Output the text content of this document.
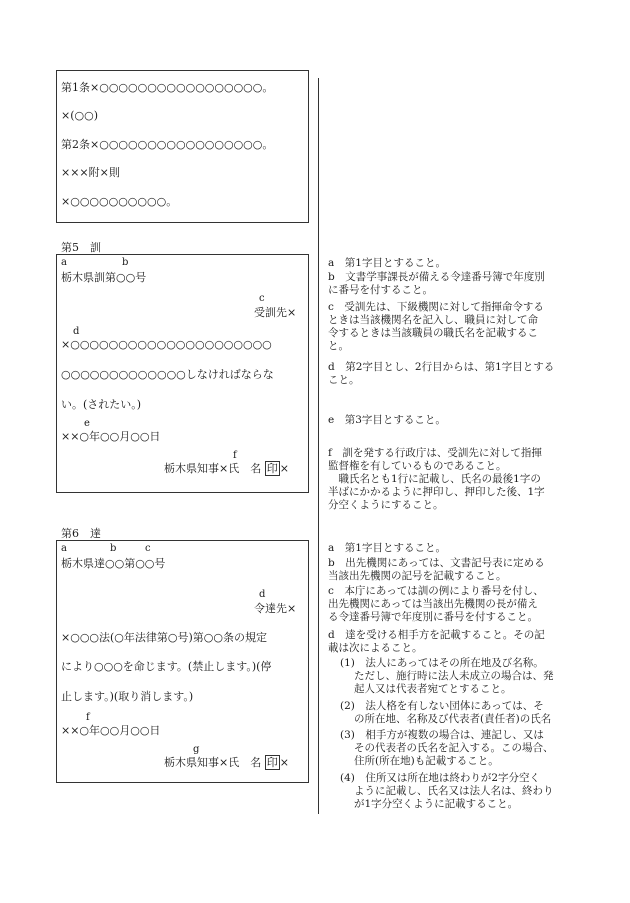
第1条×○○○○○○○○○○○○○○○○○。
×(○○)
第2条×○○○○○○○○○○○○○○○○○。
×××附×則
×○○○○○○○○○○。
第5　訓
a	b
栃木県訓第○○号
c
受訓先×
d
×○○○○○○○○○○○○○○○○○○○○○
○○○○○○○○○○○○○しなければならな
い。(されたい。)
e
××○年○○月○○日
f
栃木県知事×氏　名 印 ×
a　第1字目とすること。
b　文書学事課長が備える令達番号簿で年度別
に番号を付すること。
c　受訓先は、下級機関に対して指揮命令する
ときは当該機関名を記入し、職員に対して命
令するときは当該職員の職氏名を記載するこ
と。
d　第2字目とし、2行目からは、第1字目とする
こと。
e　第3字目とすること。
f　訓を発する行政庁は、受訓先に対して指揮
監督権を有しているものであること。
　職氏名とも1行に記載し、氏名の最後1字の
半ばにかかるように押印し、押印した後、1字
分空くようにすること。
第6　達
a	b	c
栃木県達○○第○○号
d
令達先×
×○○○法(○年法律第○号)第○○条の規定
により○○○を命じます。(禁止します。)(停
止します。)(取り消します。)
f
××○年○○月○○日
g
栃木県知事×氏　名 印 ×
a　第1字目とすること。
b　出先機関にあっては、文書記号表に定める
当該出先機関の記号を記載すること。
c　本庁にあっては訓の例により番号を付し、
出先機関にあっては当該出先機関の長が備え
る令達番号簿で年度別に番号を付すること。
d　達を受ける相手方を記載すること。その記
載は次によること。
(1)　法人にあってはその所在地及び名称。
ただし、施行時に法人未成立の場合は、発
起人又は代表者宛てとすること。
(2)　法人格を有しない団体にあっては、そ
の所在地、名称及び代表者(責任者)の氏名
(3)　相手方が複数の場合は、連記し、又は
その代表者の氏名を記入する。この場合、
住所(所在地)も記載すること。
(4)　住所又は所在地は終わりが2字分空く
ように記載し、氏名又は法人名は、終わり
が1字分空くように記載すること。
